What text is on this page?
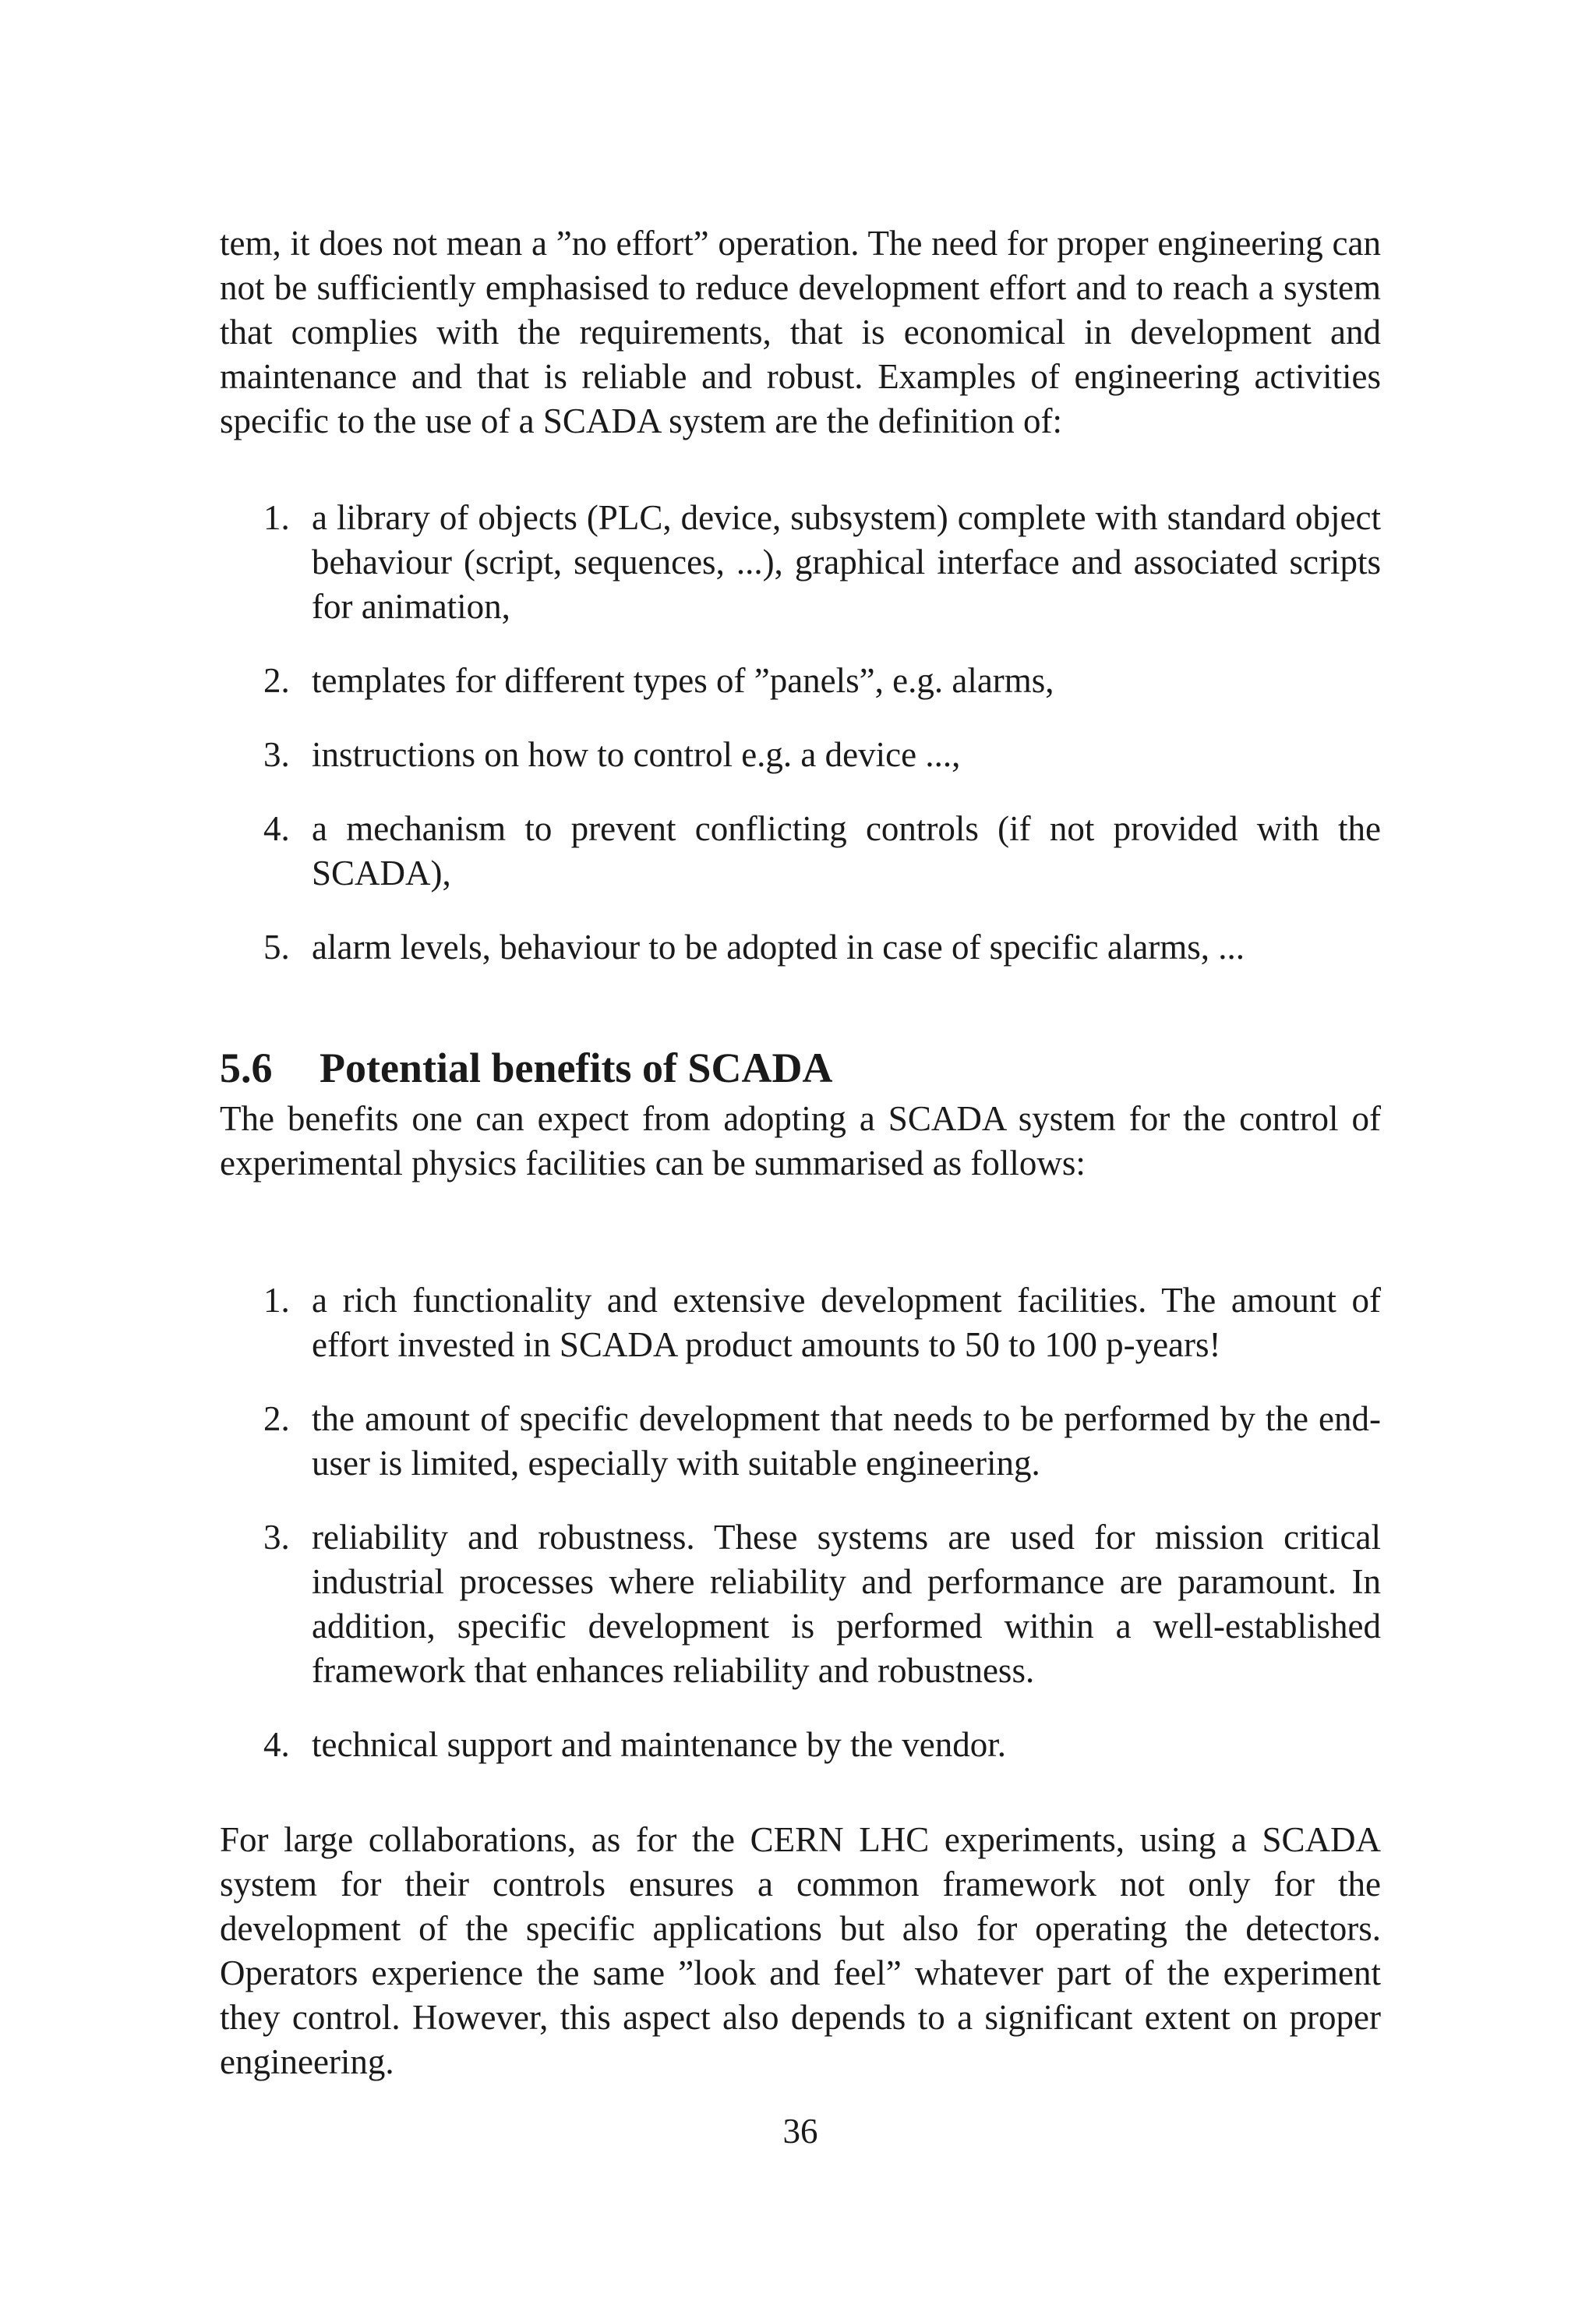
tem, it does not mean a ”no effort” operation. The need for proper engineering can not be sufficiently emphasised to reduce development effort and to reach a system that complies with the requirements, that is economical in development and maintenance and that is reliable and robust. Examples of engineering activities specific to the use of a SCADA system are the definition of:

1. a library of objects (PLC, device, subsystem) complete with standard object behaviour (script, sequences, ...), graphical interface and associated scripts for animation,
2. templates for different types of ”panels”, e.g. alarms,
3. instructions on how to control e.g. a device ...,
4. a mechanism to prevent conflicting controls (if not provided with the SCADA),
5. alarm levels, behaviour to be adopted in case of specific alarms, ...
5.6 Potential benefits of SCADA

The benefits one can expect from adopting a SCADA system for the control of experimental physics facilities can be summarised as follows:

1. a rich functionality and extensive development facilities. The amount of effort invested in SCADA product amounts to 50 to 100 p-years!
2. the amount of specific development that needs to be performed by the end-user is limited, especially with suitable engineering.
3. reliability and robustness. These systems are used for mission critical industrial processes where reliability and performance are paramount. In addition, specific development is performed within a well-established framework that enhances reliability and robustness.
4. technical support and maintenance by the vendor.

For large collaborations, as for the CERN LHC experiments, using a SCADA system for their controls ensures a common framework not only for the development of the specific applications but also for operating the detectors. Operators experience the same ”look and feel” whatever part of the experiment they control. However, this aspect also depends to a significant extent on proper engineering.

36
